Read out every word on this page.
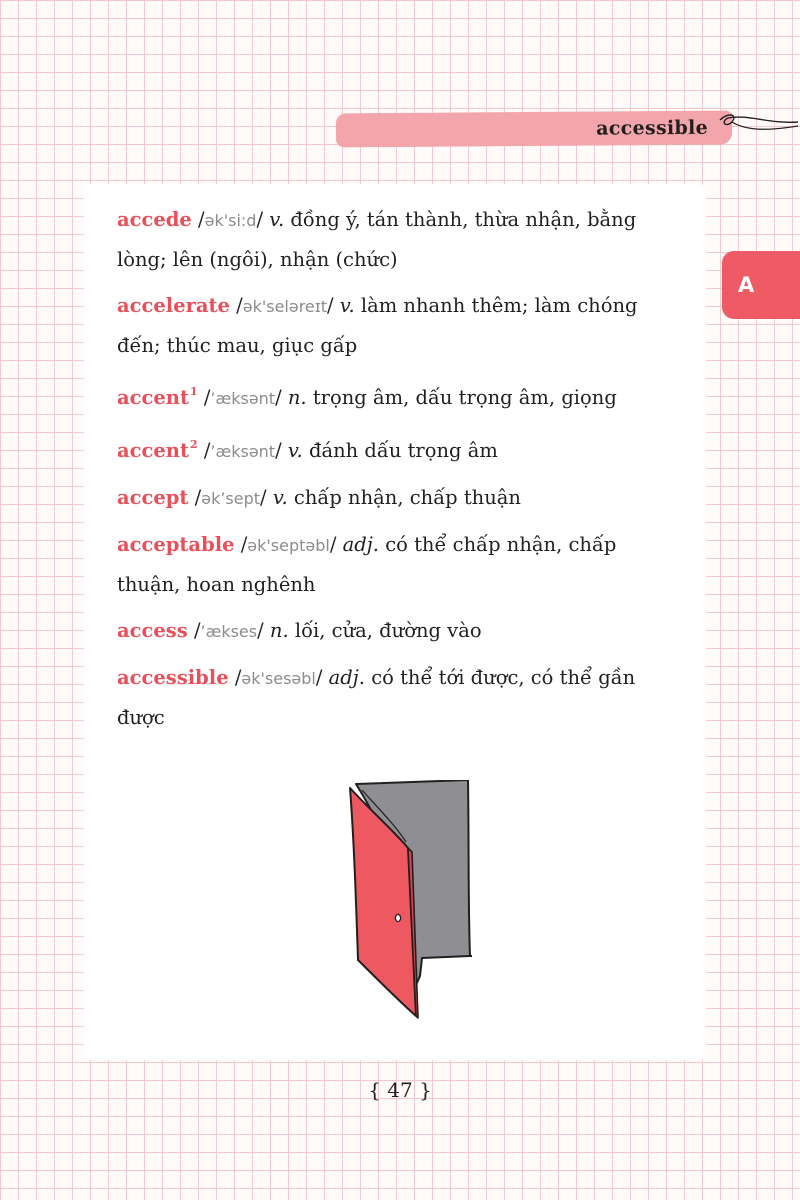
accessible
A

accede /ək'si:d/ v. đồng ý, tán thành, thừa nhận, bằng lòng; lên (ngôi), nhận (chức)

accelerate /ək'seləreɪt/ v. làm nhanh thêm; làm chóng đến; thúc mau, giục gấp

accent$^1$ /’æksənt/ n. trọng âm, dấu trọng âm, giọng

accent$^2$ /’æksənt/ v. đánh dấu trọng âm

accept /ək’sept/ v. chấp nhận, chấp thuận

acceptable /ək'septəbl/ adj. có thể chấp nhận, chấp thuận, hoan nghênh

access /’ækses/ n. lối, cửa, đường vào

accessible /ək'sesəbl/ adj. có thể tới được, có thể gần được

{ 47 }
